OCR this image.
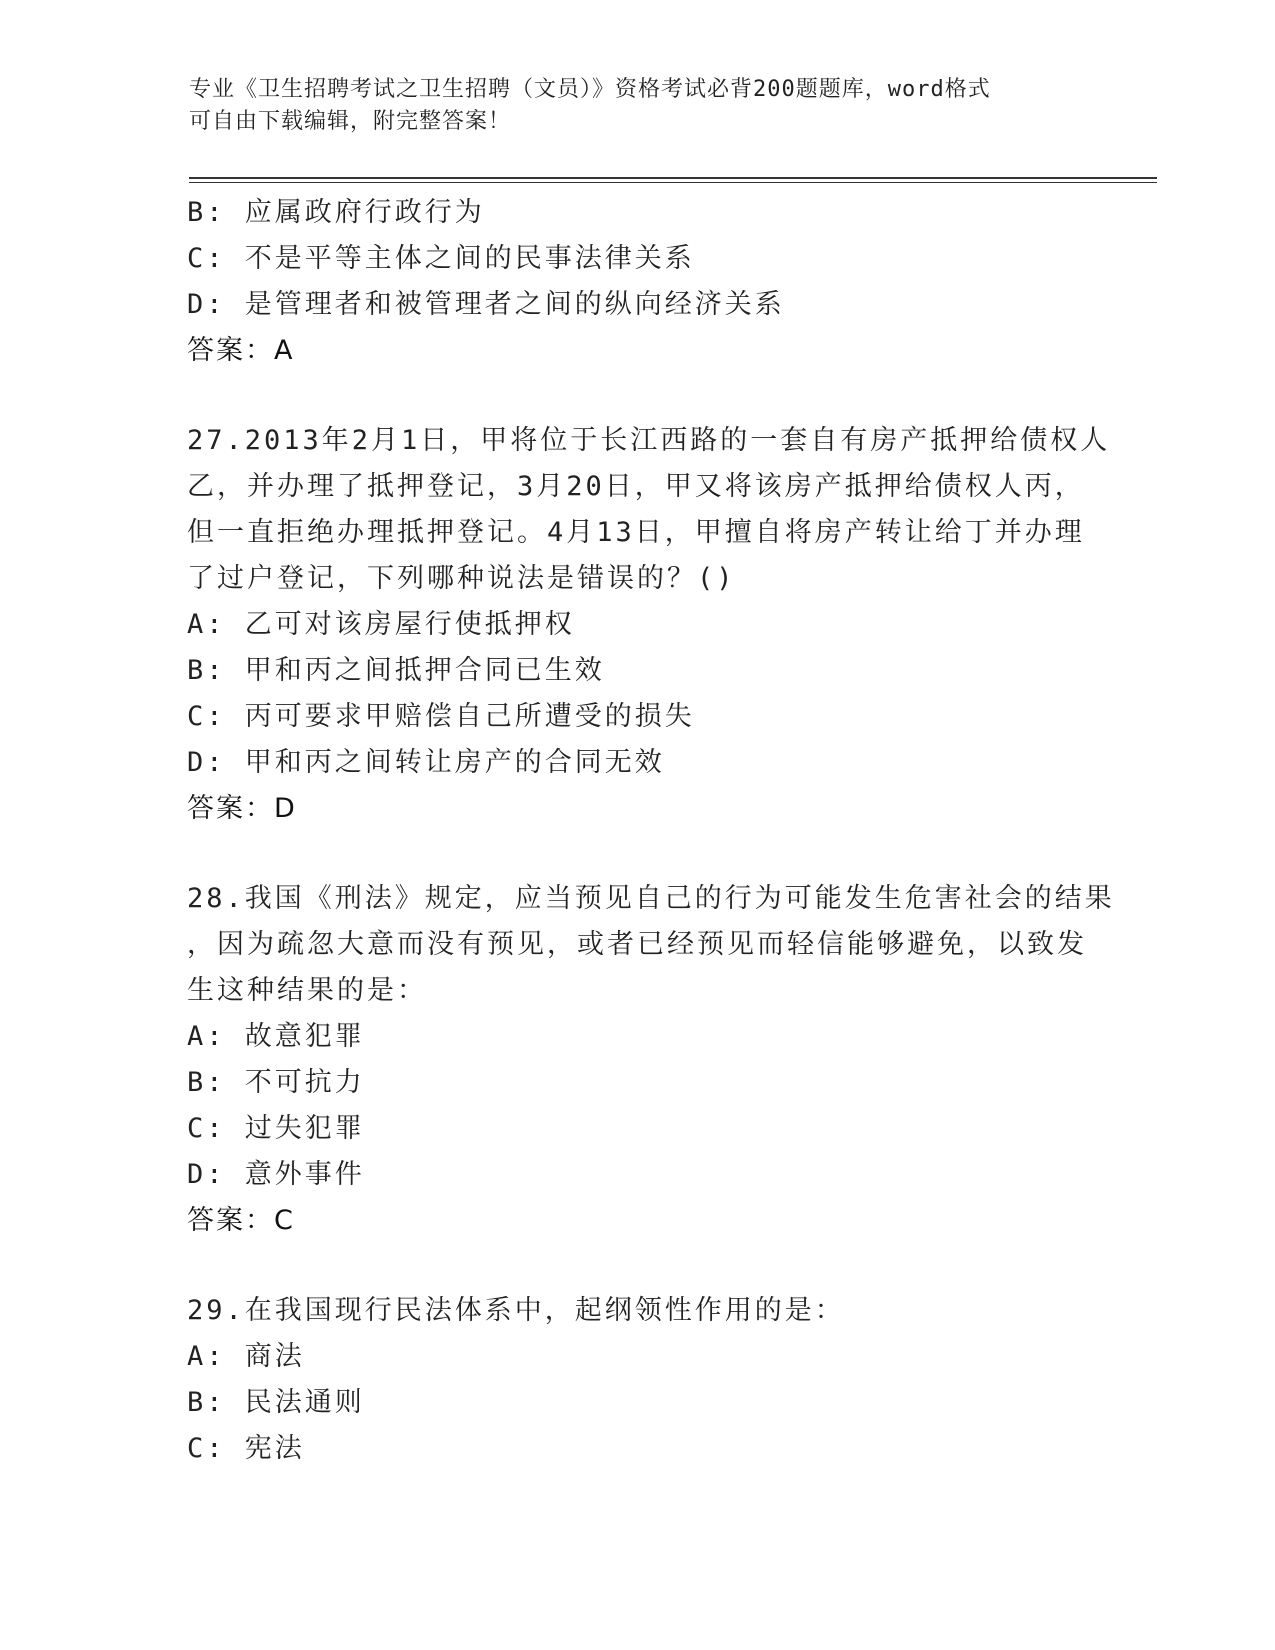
专业《卫生招聘考试之卫生招聘（文员）》资格考试必背200题题库，word格式
可自由下载编辑，附完整答案！
B: 应属政府行政行为
C: 不是平等主体之间的民事法律关系
D: 是管理者和被管理者之间的纵向经济关系
答案：A
27.2013年2月1日，甲将位于长江西路的一套自有房产抵押给债权人
乙，并办理了抵押登记，3月20日，甲又将该房产抵押给债权人丙，
但一直拒绝办理抵押登记。4月13日，甲擅自将房产转让给丁并办理
了过户登记，下列哪种说法是错误的？()
A: 乙可对该房屋行使抵押权
B: 甲和丙之间抵押合同已生效
C: 丙可要求甲赔偿自己所遭受的损失
D: 甲和丙之间转让房产的合同无效
答案：D
28.我国《刑法》规定，应当预见自己的行为可能发生危害社会的结果
，因为疏忽大意而没有预见，或者已经预见而轻信能够避免，以致发
生这种结果的是：
A: 故意犯罪
B: 不可抗力
C: 过失犯罪
D: 意外事件
答案：C
29.在我国现行民法体系中，起纲领性作用的是：
A: 商法
B: 民法通则
C: 宪法
